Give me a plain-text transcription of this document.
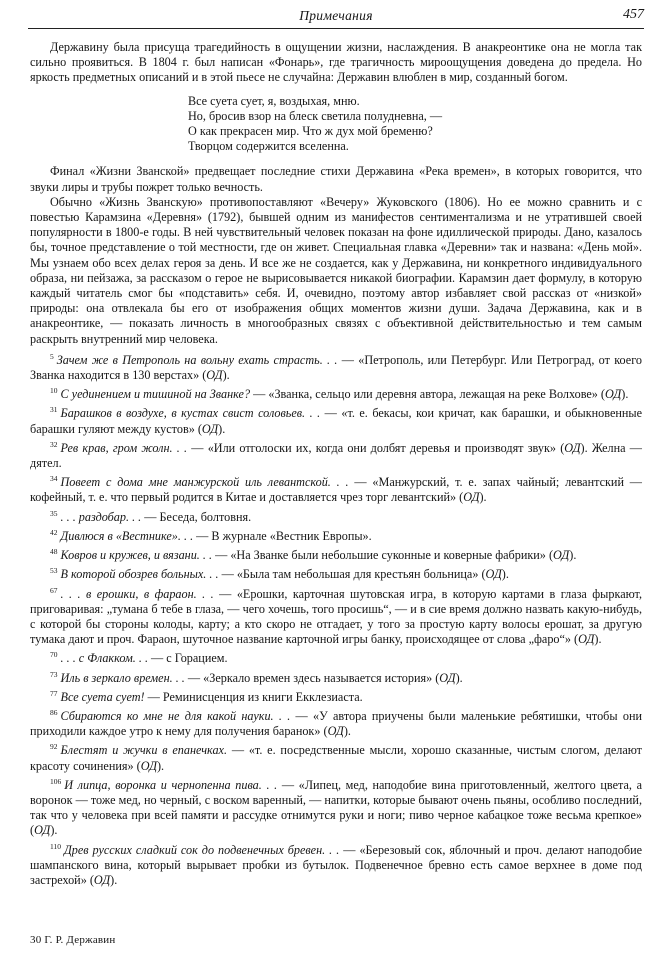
Примечания	457

Державину была присуща трагедийность в ощущении жизни, наслаждения. В анакреонтике она не могла так сильно проявиться. В 1804 г. был написан «Фонарь», где трагичность мироощущения доведена до предела. Но яркость предметных описаний и в этой пьесе не случайна: Державин влюблен в мир, созданный богом.

Все суета сует, я, воздыхая, мню.
Но, бросив взор на блеск светила полудневна, —
О как прекрасен мир. Что ж дух мой бременю?
Творцом содержится вселенна.

Финал «Жизни Званской» предвещает последние стихи Державина «Река времен», в которых говорится, что звуки лиры и трубы пожрет только вечность.

Обычно «Жизнь Званскую» противопоставляют «Вечеру» Жуковского (1806). Но ее можно сравнить и с повестью Карамзина «Деревня» (1792), бывшей одним из манифестов сентиментализма и не утратившей своей популярности в 1800-е годы. В ней чувствительный человек показан на фоне идиллической природы. Дано, казалось бы, точное представление о той местности, где он живет. Специальная главка «Деревни» так и названа: «День мой». Мы узнаем обо всех делах героя за день. И все же не создается, как у Державина, ни конкретного индивидуального образа, ни пейзажа, за рассказом о герое не вырисовывается никакой биографии. Карамзин дает формулу, в которую каждый читатель смог бы «подставить» себя. И, очевидно, поэтому автор избавляет свой рассказ от «низкой» природы: она отвлекала бы его от изображения общих моментов жизни души. Задача Державина, как и в анакреонтике, — показать личность в многообразных связях с объективной действительностью и тем самым раскрыть внутренний мир человека.

$^5$ Зачем же в Петрополь на вольну ехать страсть. . . — «Петрополь, или Петербург. Или Петроград, от коего Званка находится в 130 верстах» (ОД).

$^{10}$ С уединением и тишиной на Званке? — «Званка, сельцо или деревня автора, лежащая на реке Волхове» (ОД).

$^{31}$ Барашков в воздухе, в кустах свист соловьев. . . — «т. е. бекасы, кои кричат, как барашки, и обыкновенные барашки гуляют между кустов» (ОД).

$^{32}$ Рев крав, гром жолн. . . — «Или отголоски их, когда они долбят деревья и производят звук» (ОД). Желна — дятел.

$^{34}$ Повеет с дома мне манжурской иль левантской. . . — «Манжурский, т. е. запах чайный; левантский — кофейный, т. е. что первый родится в Китае и доставляется чрез торг левантский» (ОД).

$^{35}$ . . . раздобар. . . — Беседа, болтовня.

$^{42}$ Дивлюся в «Вестнике». . . — В журнале «Вестник Европы».

$^{48}$ Ковров и кружев, и вязани. . . — «На Званке были небольшие суконные и коверные фабрики» (ОД).

$^{53}$ В которой обозрев больных. . . — «Была там небольшая для крестьян больница» (ОД).

$^{67}$ . . . в ерошки, в фараон. . . — «Ерошки, карточная шутовская игра, в которую картами в глаза фыркают, приговаривая: „тумана б тебе в глаза, — чего хочешь, того просишь“, — и в сие время должно назвать какую-нибудь, с которой бы стороны колоды, карту; а кто скоро не отгадает, у того за простую карту волосы ерошат, за другую тумака дают и проч. Фараон, шуточное название карточной игры банку, происходящее от слова „фаро“» (ОД).

$^{70}$ . . . с Флакком. . . — с Горацием.

$^{73}$ Иль в зеркало времен. . . — «Зеркало времен здесь называется история» (ОД).

$^{77}$ Все суета сует! — Реминисценция из книги Екклезиаста.

$^{86}$ Сбираются ко мне не для какой науки. . . — «У автора приучены были маленькие ребятишки, чтобы они приходили каждое утро к нему для получения баранок» (ОД).

$^{92}$ Блестят и жучки в епанечках. — «т. е. посредственные мысли, хорошо сказанные, чистым слогом, делают красоту сочинения» (ОД).

$^{106}$ И липца, воронка и чернопенна пива. . . — «Липец, мед, наподобие вина приготовленный, желтого цвета, а воронок — тоже мед, но черный, с воском варенный, — напитки, которые бывают очень пьяны, особливо последний, так что у человека при всей памяти и рассудке отнимутся руки и ноги; пиво черное кабацкое тоже весьма крепкое» (ОД).

$^{110}$ Древ русских сладкий сок до подвенечных бревен. . . — «Березовый сок, яблочный и проч. делают наподобие шампанского вина, который вырывает пробки из бутылок. Подвенечное бревно есть самое верхнее в доме под застрехой» (ОД).

30 Г. Р. Державин
